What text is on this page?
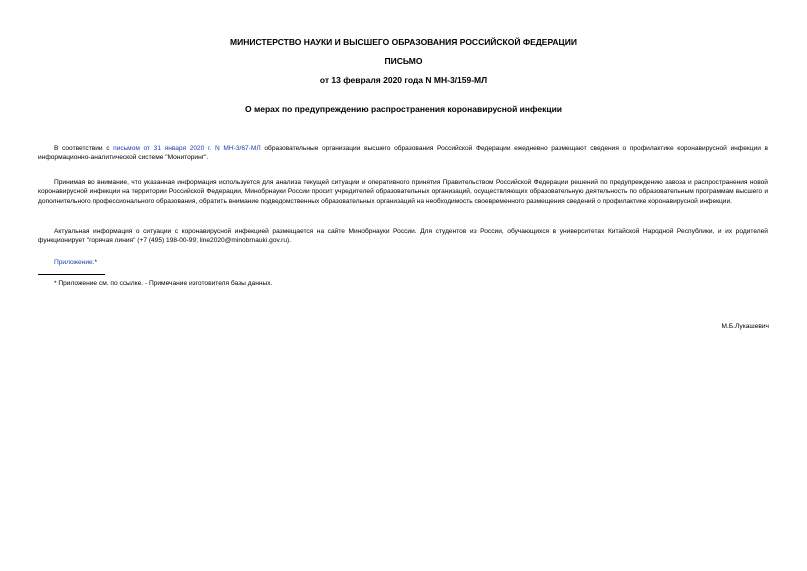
МИНИСТЕРСТВО НАУКИ И ВЫСШЕГО ОБРАЗОВАНИЯ РОССИЙСКОЙ ФЕДЕРАЦИИ
ПИСЬМО
от 13 февраля 2020 года N МН-3/159-МЛ
О мерах по предупреждению распространения коронавирусной инфекции
В соответствии с письмом от 31 января 2020 г. N МН-3/67-МЛ образовательные организации высшего образования Российской Федерации ежедневно размещают сведения о профилактике коронавирусной инфекции в информационно-аналитической системе "Мониторинг".
Принимая во внимание, что указанная информация используется для анализа текущей ситуации и оперативного принятия Правительством Российской Федерации решений по предупреждению завоза и распространения новой коронавирусной инфекции на территории Российской Федерации, Минобрнауки России просит учредителей образовательных организаций, осуществляющих образовательную деятельность по образовательным программам высшего и дополнительного профессионального образования, обратить внимание подведомственных образовательных организаций на необходимость своевременного размещения сведений о профилактике коронавирусной инфекции.
Актуальная информация о ситуации с коронавирусной инфекцией размещается на сайте Минобрнауки России. Для студентов из России, обучающихся в университетах Китайской Народной Республики, и их родителей функционирует "горячая линия" (+7 (495) 198-00-99; line2020@minobrnauki.gov.ru).
Приложение.*
* Приложение см. по ссылке. - Примечание изготовителя базы данных.
М.Б.Лукашевич
